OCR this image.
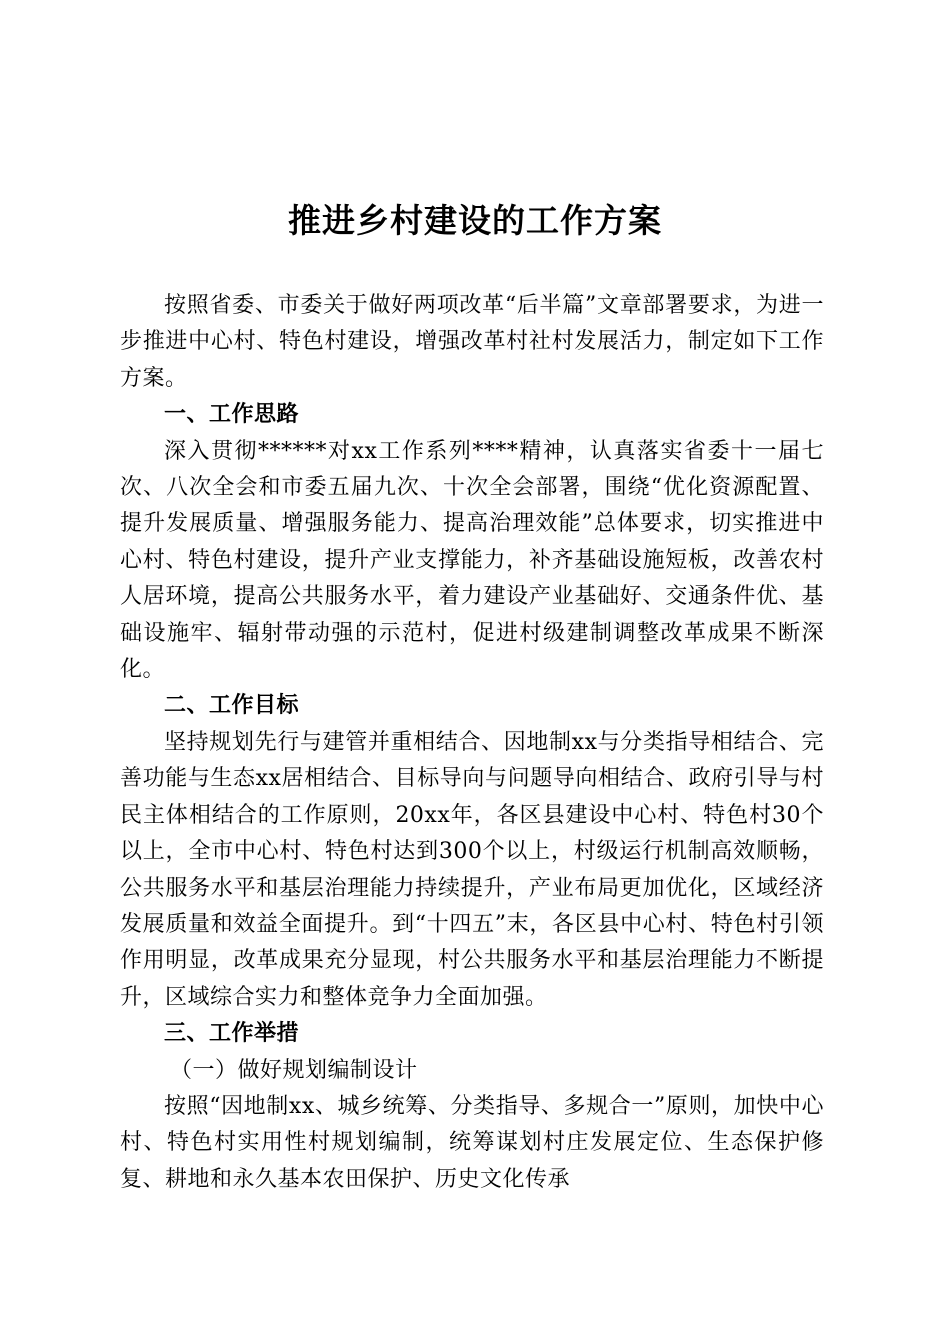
推进乡村建设的工作方案

按照省委、市委关于做好两项改革“后半篇”文章部署要求，为进一步推进中心村、特色村建设，增强改革村社村发展活力，制定如下工作方案。

一、工作思路

深入贯彻******对xx工作系列****精神，认真落实省委十一届七次、八次全会和市委五届九次、十次全会部署，围绕“优化资源配置、提升发展质量、增强服务能力、提高治理效能”总体要求，切实推进中心村、特色村建设，提升产业支撑能力，补齐基础设施短板，改善农村人居环境，提高公共服务水平，着力建设产业基础好、交通条件优、基础设施牢、辐射带动强的示范村，促进村级建制调整改革成果不断深化。

二、工作目标

坚持规划先行与建管并重相结合、因地制xx与分类指导相结合、完善功能与生态xx居相结合、目标导向与问题导向相结合、政府引导与村民主体相结合的工作原则，20xx年，各区县建设中心村、特色村30个以上，全市中心村、特色村达到300个以上，村级运行机制高效顺畅，公共服务水平和基层治理能力持续提升，产业布局更加优化，区域经济发展质量和效益全面提升。到“十四五”末，各区县中心村、特色村引领作用明显，改革成果充分显现，村公共服务水平和基层治理能力不断提升，区域综合实力和整体竞争力全面加强。

三、工作举措

（一）做好规划编制设计

按照“因地制xx、城乡统筹、分类指导、多规合一”原则，加快中心村、特色村实用性村规划编制，统筹谋划村庄发展定位、生态保护修复、耕地和永久基本农田保护、历史文化传承
